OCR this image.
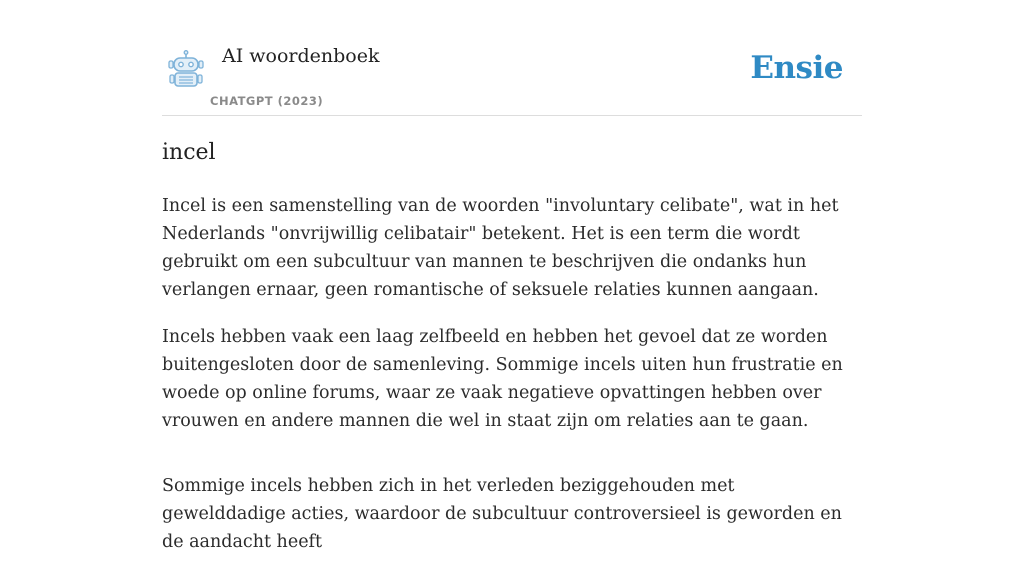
AI woordenboek
CHATGPT (2023)
Ensie
incel

Incel is een samenstelling van de woorden "involuntary celibate", wat in het Nederlands "onvrijwillig celibatair" betekent. Het is een term die wordt gebruikt om een subcultuur van mannen te beschrijven die ondanks hun verlangen ernaar, geen romantische of seksuele relaties kunnen aangaan.

Incels hebben vaak een laag zelfbeeld en hebben het gevoel dat ze worden buitengesloten door de samenleving. Sommige incels uiten hun frustratie en woede op online forums, waar ze vaak negatieve opvattingen hebben over vrouwen en andere mannen die wel in staat zijn om relaties aan te gaan.

Sommige incels hebben zich in het verleden beziggehouden met gewelddadige acties, waardoor de subcultuur controversieel is geworden en de aandacht heeft
